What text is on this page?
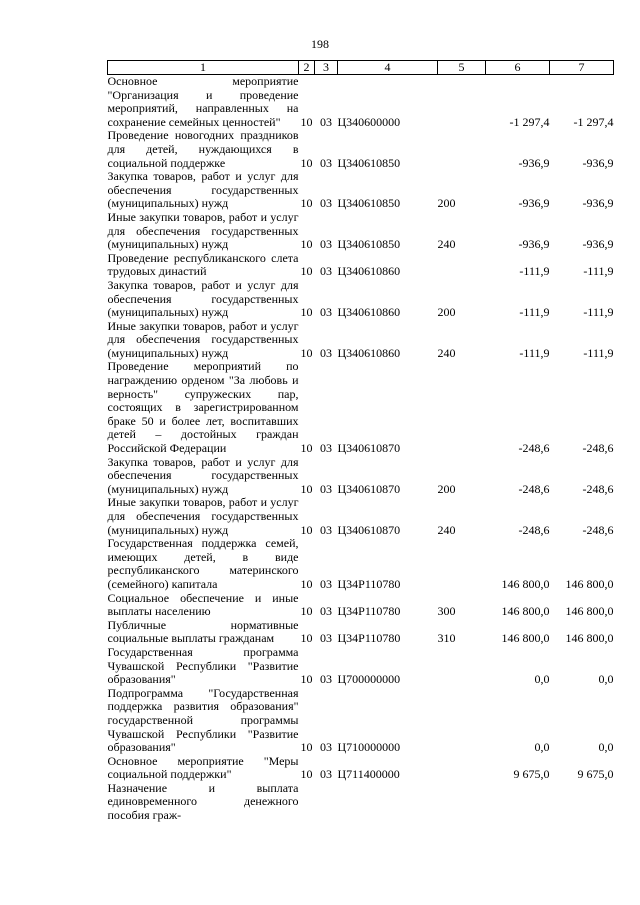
198
1	2	3	4	5	6	7
Основное мероприятие "Организация и проведение мероприятий, направленных на сохранение семейных ценностей"	10	03	Ц340600000		-1 297,4	-1 297,4
Проведение новогодних праздников для детей, нуждающихся в социальной поддержке	10	03	Ц340610850		-936,9	-936,9
Закупка товаров, работ и услуг для обеспечения государственных (муниципальных) нужд	10	03	Ц340610850	200	-936,9	-936,9
Иные закупки товаров, работ и услуг для обеспечения государственных (муниципальных) нужд	10	03	Ц340610850	240	-936,9	-936,9
Проведение республиканского слета трудовых династий	10	03	Ц340610860		-111,9	-111,9
Закупка товаров, работ и услуг для обеспечения государственных (муниципальных) нужд	10	03	Ц340610860	200	-111,9	-111,9
Иные закупки товаров, работ и услуг для обеспечения государственных (муниципальных) нужд	10	03	Ц340610860	240	-111,9	-111,9
Проведение мероприятий по награждению орденом "За любовь и верность" супружеских пар, состоящих в зарегистрированном браке 50 и более лет, воспитавших детей – достойных граждан Российской Федерации	10	03	Ц340610870		-248,6	-248,6
Закупка товаров, работ и услуг для обеспечения государственных (муниципальных) нужд	10	03	Ц340610870	200	-248,6	-248,6
Иные закупки товаров, работ и услуг для обеспечения государственных (муниципальных) нужд	10	03	Ц340610870	240	-248,6	-248,6
Государственная поддержка семей, имеющих детей, в виде республиканского материнского (семейного) капитала	10	03	Ц34Р110780		146 800,0	146 800,0
Социальное обеспечение и иные выплаты населению	10	03	Ц34Р110780	300	146 800,0	146 800,0
Публичные нормативные социальные выплаты гражданам	10	03	Ц34Р110780	310	146 800,0	146 800,0
Государственная программа Чувашской Республики "Развитие образования"	10	03	Ц700000000		0,0	0,0
Подпрограмма "Государственная поддержка развития образования" государственной программы Чувашской Республики "Развитие образования"	10	03	Ц710000000		0,0	0,0
Основное мероприятие "Меры социальной поддержки"	10	03	Ц711400000		9 675,0	9 675,0
Назначение и выплата единовременного денежного пособия граж-						
